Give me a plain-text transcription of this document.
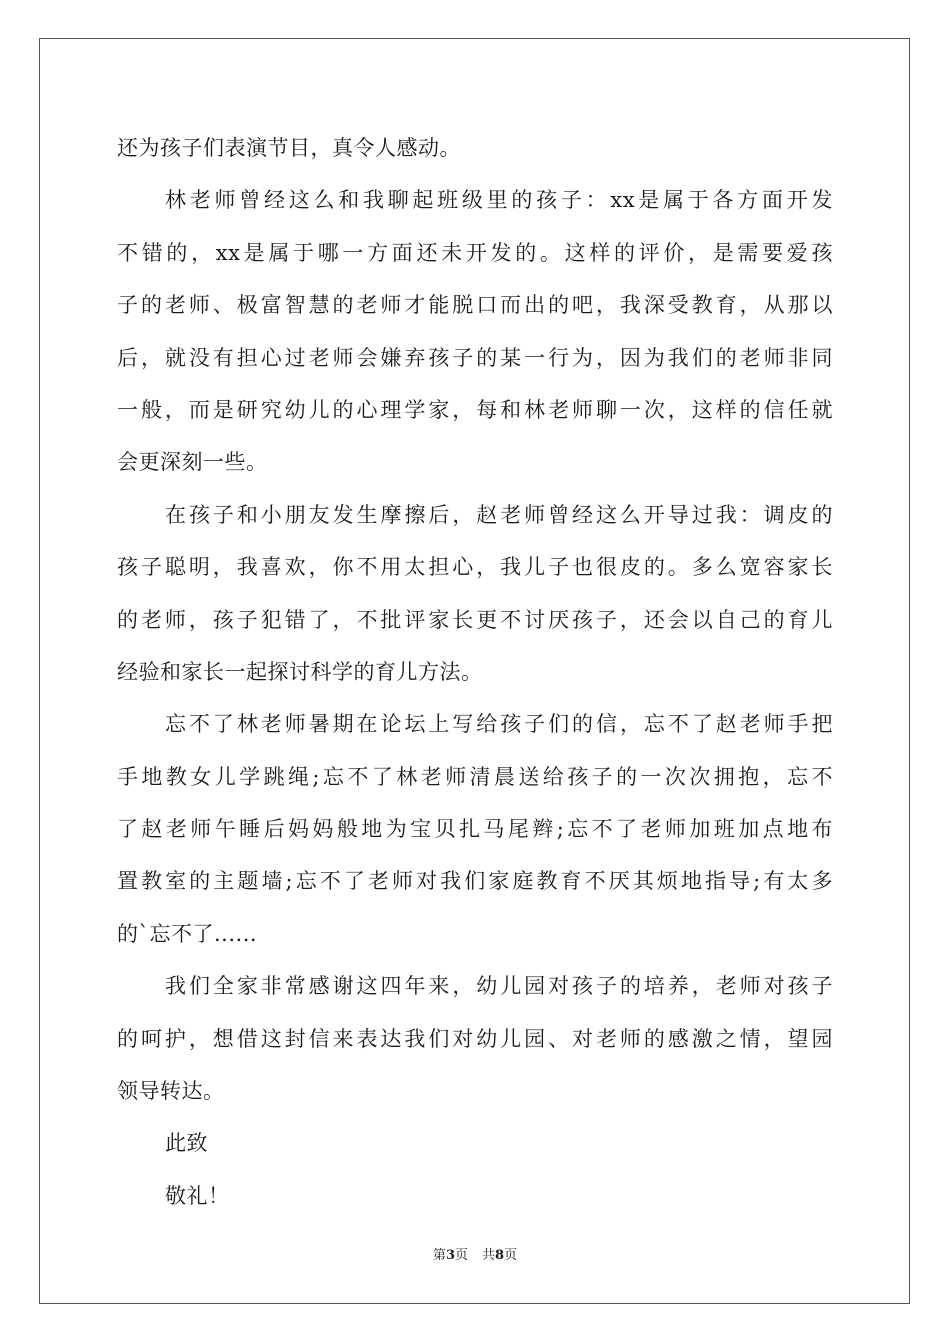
还为孩子们表演节目，真令人感动。
林老师曾经这么和我聊起班级里的孩子：xx是属于各方面开发
不错的，xx是属于哪一方面还未开发的。这样的评价，是需要爱孩
子的老师、极富智慧的老师才能脱口而出的吧，我深受教育，从那以
后，就没有担心过老师会嫌弃孩子的某一行为，因为我们的老师非同
一般，而是研究幼儿的心理学家，每和林老师聊一次，这样的信任就
会更深刻一些。
在孩子和小朋友发生摩擦后，赵老师曾经这么开导过我：调皮的
孩子聪明，我喜欢，你不用太担心，我儿子也很皮的。多么宽容家长
的老师，孩子犯错了，不批评家长更不讨厌孩子，还会以自己的育儿
经验和家长一起探讨科学的育儿方法。
忘不了林老师暑期在论坛上写给孩子们的信，忘不了赵老师手把
手地教女儿学跳绳;忘不了林老师清晨送给孩子的一次次拥抱，忘不
了赵老师午睡后妈妈般地为宝贝扎马尾辫;忘不了老师加班加点地布
置教室的主题墙;忘不了老师对我们家庭教育不厌其烦地指导;有太多
的`忘不了......
我们全家非常感谢这四年来，幼儿园对孩子的培养，老师对孩子
的呵护，想借这封信来表达我们对幼儿园、对老师的感激之情，望园
领导转达。
此致
敬礼！
第3页 共8页
